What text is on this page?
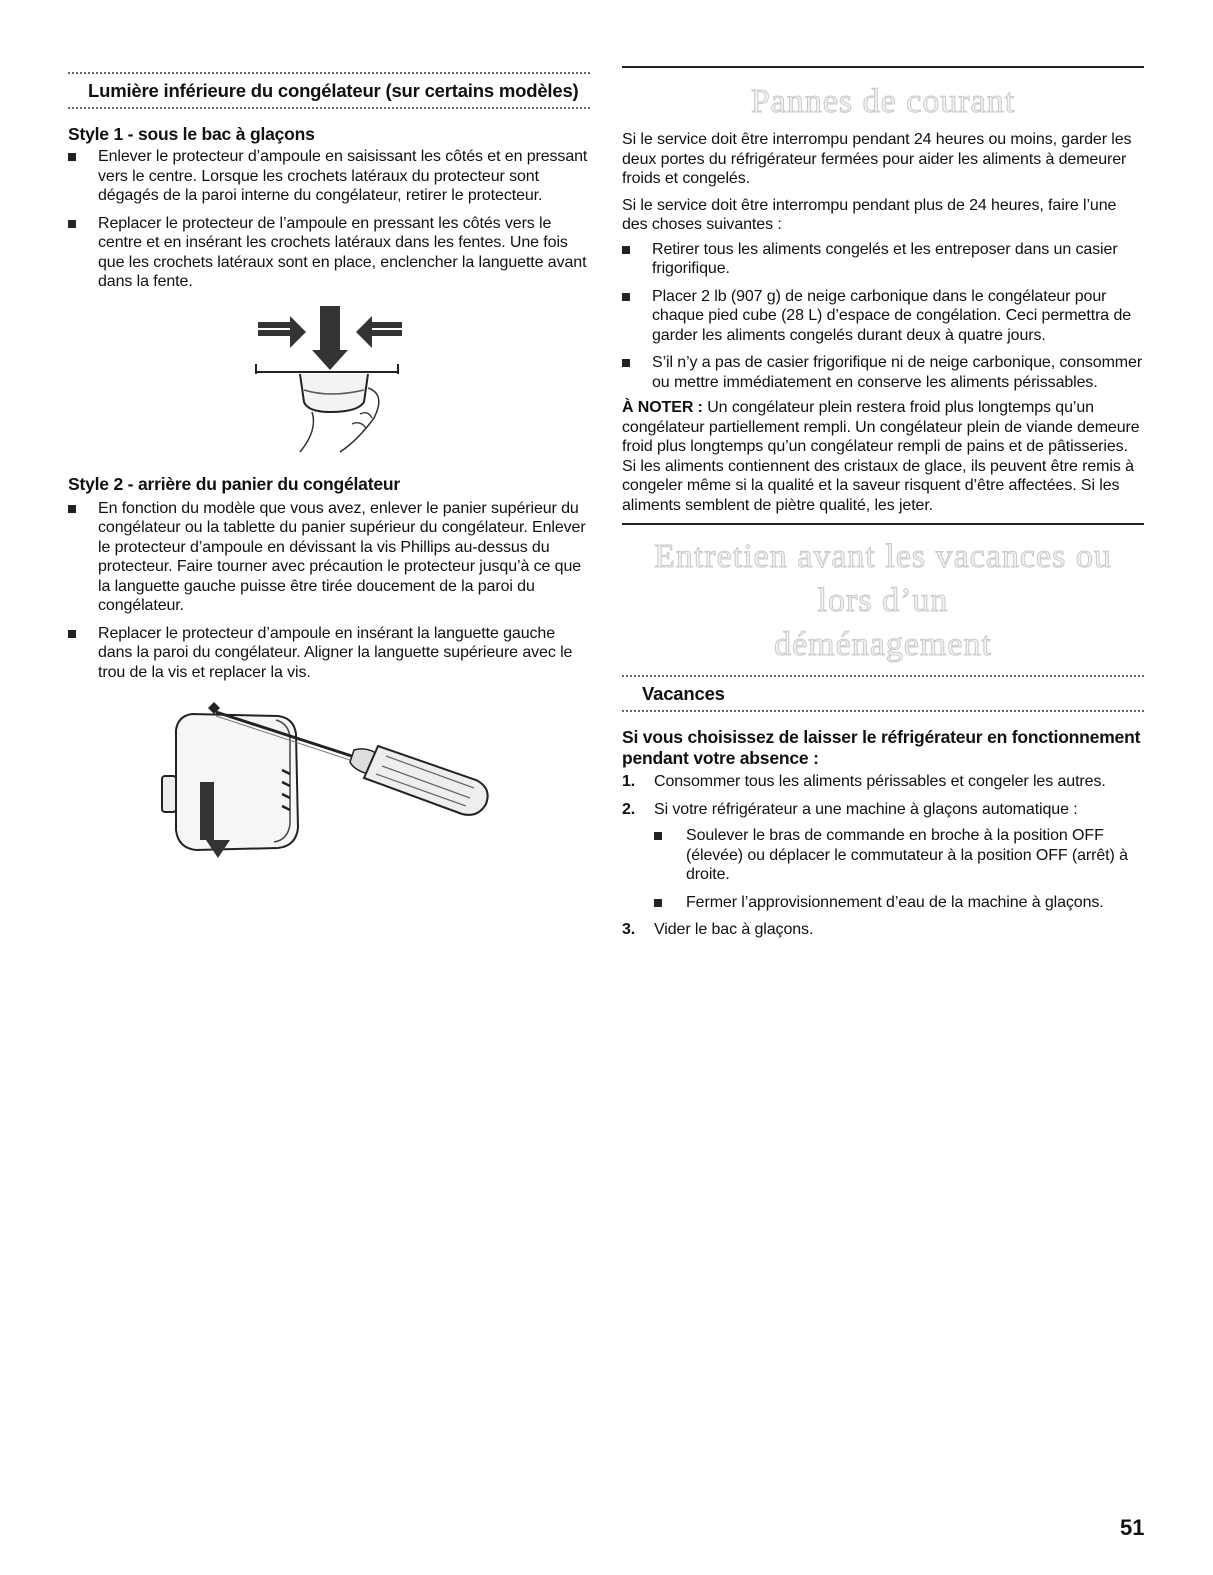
Lumière inférieure du congélateur (sur certains modèles)
Style 1 - sous le bac à glaçons
Enlever le protecteur d’ampoule en saisissant les côtés et en pressant vers le centre. Lorsque les crochets latéraux du protecteur sont dégagés de la paroi interne du congélateur, retirer le protecteur.
Replacer le protecteur de l’ampoule en pressant les côtés vers le centre et en insérant les crochets latéraux dans les fentes. Une fois que les crochets latéraux sont en place, enclencher la languette avant dans la fente.
Style 2 - arrière du panier du congélateur
En fonction du modèle que vous avez, enlever le panier supérieur du congélateur ou la tablette du panier supérieur du congélateur. Enlever le protecteur d’ampoule en dévissant la vis Phillips au-dessus du protecteur. Faire tourner avec précaution le protecteur jusqu’à ce que la languette gauche puisse être tirée doucement de la paroi du congélateur.
Replacer le protecteur d’ampoule en insérant la languette gauche dans la paroi du congélateur. Aligner la languette supérieure avec le trou de la vis et replacer la vis.
Pannes de courant

Si le service doit être interrompu pendant 24 heures ou moins, garder les deux portes du réfrigérateur fermées pour aider les aliments à demeurer froids et congelés.

Si le service doit être interrompu pendant plus de 24 heures, faire l’une des choses suivantes :

Retirer tous les aliments congelés et les entreposer dans un casier frigorifique.
Placer 2 lb (907 g) de neige carbonique dans le congélateur pour chaque pied cube (28 L) d’espace de congélation. Ceci permettra de garder les aliments congelés durant deux à quatre jours.
S’il n’y a pas de casier frigorifique ni de neige carbonique, consommer ou mettre immédiatement en conserve les aliments périssables.

À NOTER : Un congélateur plein restera froid plus longtemps qu’un congélateur partiellement rempli. Un congélateur plein de viande demeure froid plus longtemps qu’un congélateur rempli de pains et de pâtisseries. Si les aliments contiennent des cristaux de glace, ils peuvent être remis à congeler même si la qualité et la saveur risquent d’être affectées. Si les aliments semblent de piètre qualité, les jeter.

Entretien avant les vacances ou lors d’un
déménagement
Vacances
Si vous choisissez de laisser le réfrigérateur en fonctionnement pendant votre absence :
1. Consommer tous les aliments périssables et congeler les autres.
2. Si votre réfrigérateur a une machine à glaçons automatique :
Soulever le bras de commande en broche à la position OFF (élevée) ou déplacer le commutateur à la position OFF (arrêt) à droite.
Fermer l’approvisionnement d’eau de la machine à glaçons.
3. Vider le bac à glaçons.
51
